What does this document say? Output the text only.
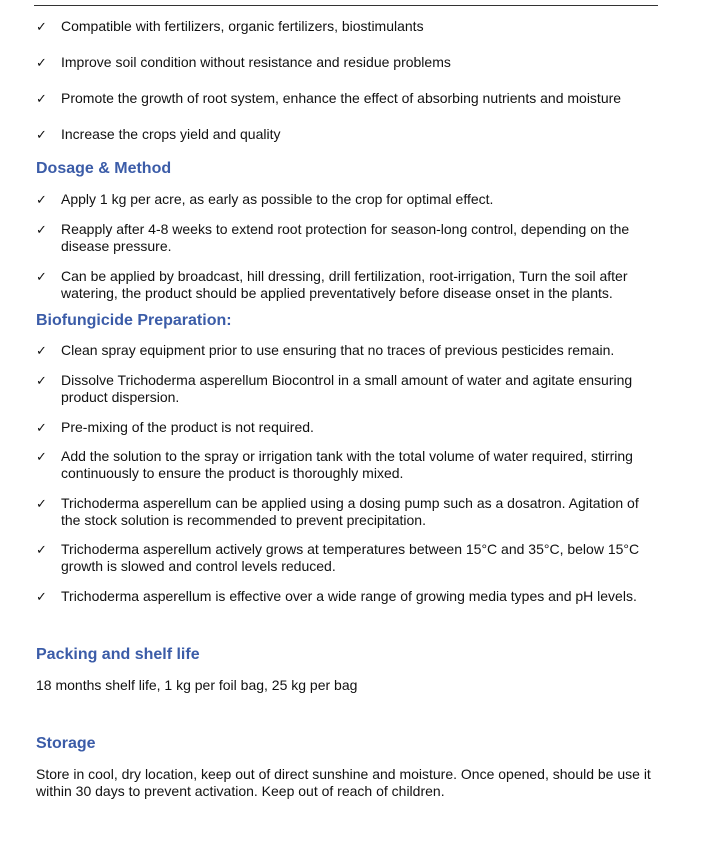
✓ Compatible with fertilizers, organic fertilizers, biostimulants
✓ Improve soil condition without resistance and residue problems
✓ Promote the growth of root system, enhance the effect of absorbing nutrients and moisture
✓ Increase the crops yield and quality
Dosage & Method
✓ Apply 1 kg per acre, as early as possible to the crop for optimal effect.
✓ Reapply after 4-8 weeks to extend root protection for season-long control, depending on the disease pressure.
✓ Can be applied by broadcast, hill dressing, drill fertilization, root-irrigation, Turn the soil after watering, the product should be applied preventatively before disease onset in the plants.
Biofungicide Preparation:
✓ Clean spray equipment prior to use ensuring that no traces of previous pesticides remain.
✓ Dissolve Trichoderma asperellum Biocontrol in a small amount of water and agitate ensuring product dispersion.
✓ Pre-mixing of the product is not required.
✓ Add the solution to the spray or irrigation tank with the total volume of water required, stirring continuously to ensure the product is thoroughly mixed.
✓ Trichoderma asperellum can be applied using a dosing pump such as a dosatron. Agitation of the stock solution is recommended to prevent precipitation.
✓ Trichoderma asperellum actively grows at temperatures between 15°C and 35°C, below 15°C growth is slowed and control levels reduced.
✓ Trichoderma asperellum is effective over a wide range of growing media types and pH levels.
Packing and shelf life

18 months shelf life, 1 kg per foil bag, 25 kg per bag

Storage

Store in cool, dry location, keep out of direct sunshine and moisture. Once opened, should be use it within 30 days to prevent activation. Keep out of reach of children.
